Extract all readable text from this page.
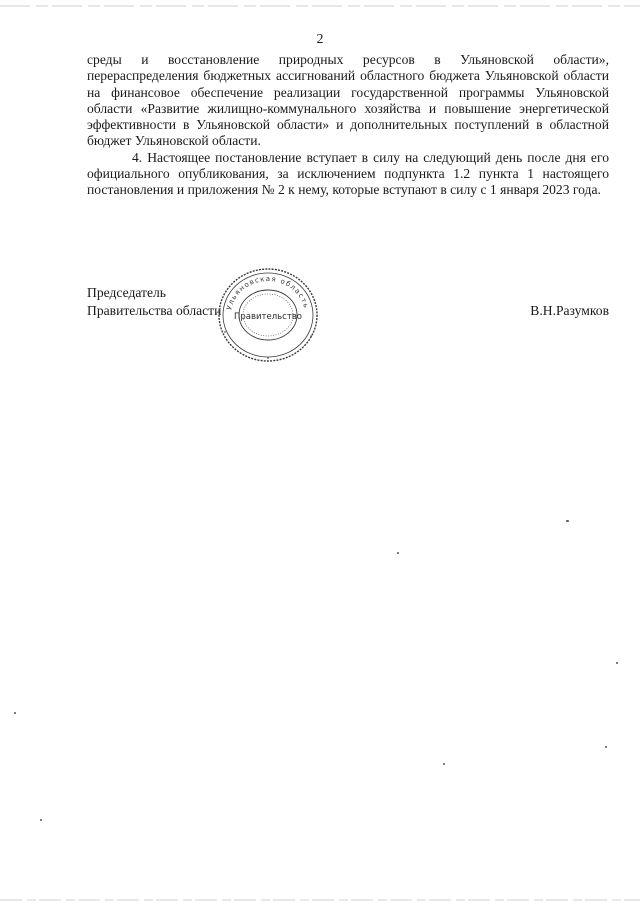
2

среды и восстановление природных ресурсов в Ульяновской области», перераспределения бюджетных ассигнований областного бюджета Ульяновской области на финансовое обеспечение реализации государственной программы Ульяновской области «Развитие жилищно-коммунального хозяйства и повышение энергетической эффективности в Ульяновской области» и дополнительных поступлений в областной бюджет Ульяновской области.

4. Настоящее постановление вступает в силу на следующий день после дня его официального опубликования, за исключением подпункта 1.2 пункта 1 настоящего постановления и приложения № 2 к нему, которые вступают в силу с 1 января 2023 года.

Председатель
Правительства области	В.Н.Разумков
Ульяновская область
Правительство
